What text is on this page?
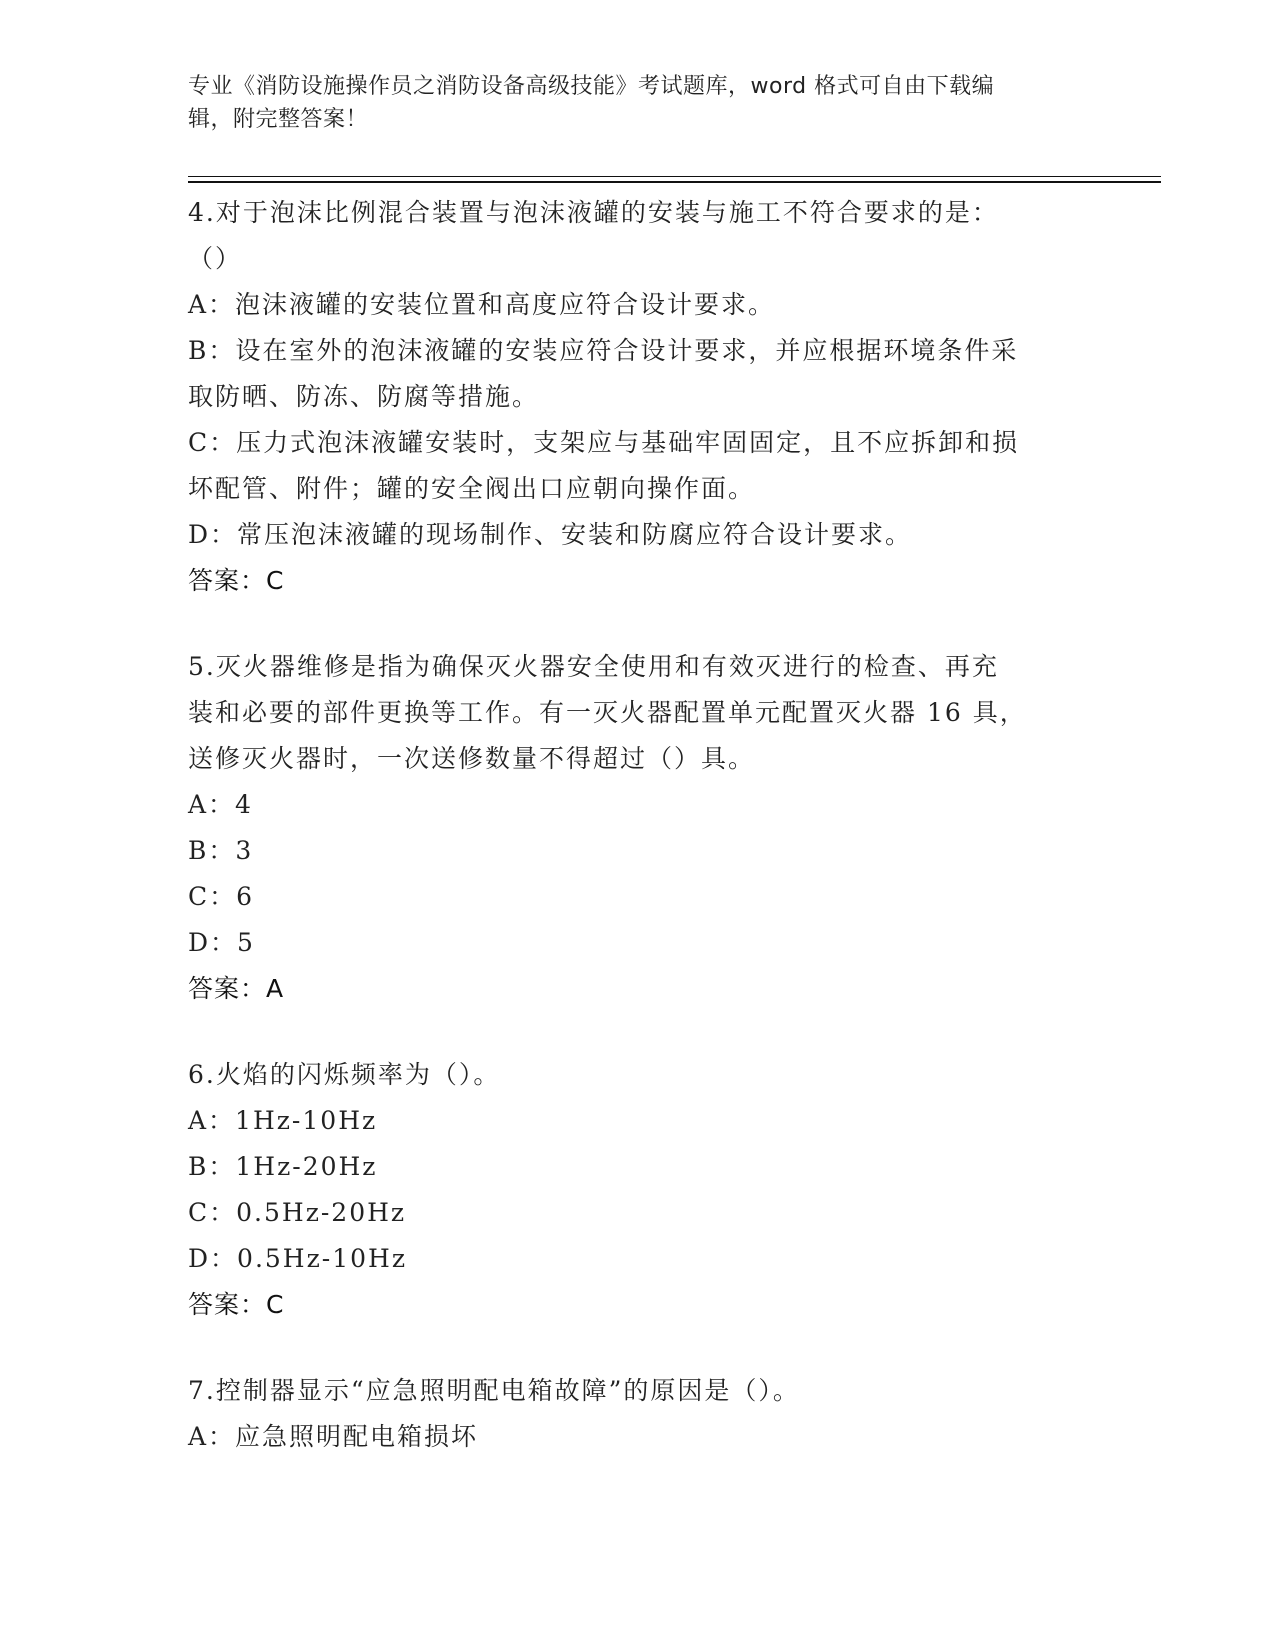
专业《消防设施操作员之消防设备高级技能》考试题库，word 格式可自由下载编
辑，附完整答案！
4.对于泡沫比例混合装置与泡沫液罐的安装与施工不符合要求的是：
（）
A：泡沫液罐的安装位置和高度应符合设计要求。
B：设在室外的泡沫液罐的安装应符合设计要求，并应根据环境条件采
取防晒、防冻、防腐等措施。
C：压力式泡沫液罐安装时，支架应与基础牢固固定，且不应拆卸和损
坏配管、附件；罐的安全阀出口应朝向操作面。
D：常压泡沫液罐的现场制作、安装和防腐应符合设计要求。
答案：C
5.灭火器维修是指为确保灭火器安全使用和有效灭进行的检查、再充
装和必要的部件更换等工作。有一灭火器配置单元配置灭火器 16 具，
送修灭火器时，一次送修数量不得超过（）具。
A：4
B：3
C：6
D：5
答案：A
6.火焰的闪烁频率为（）。
A：1Hz-10Hz
B：1Hz-20Hz
C：0.5Hz-20Hz
D：0.5Hz-10Hz
答案：C
7.控制器显示“应急照明配电箱故障”的原因是（）。
A：应急照明配电箱损坏
